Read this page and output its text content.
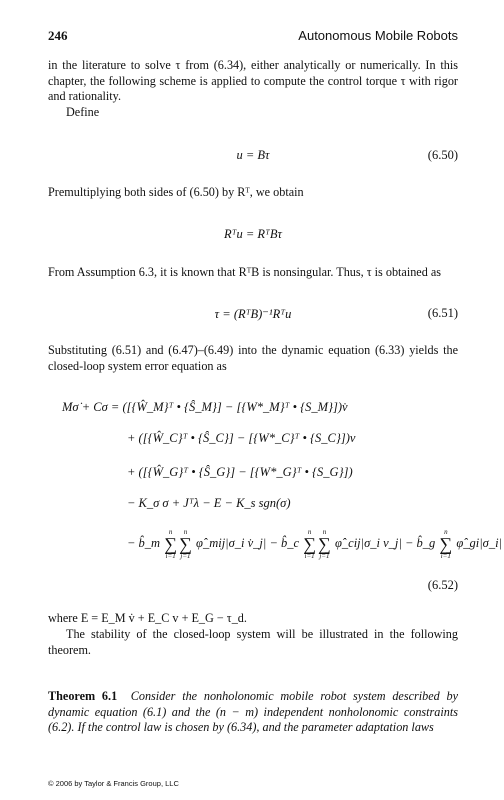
246	Autonomous Mobile Robots
in the literature to solve τ from (6.34), either analytically or numerically. In this chapter, the following scheme is applied to compute the control torque τ with rigor and rationality.
Define
u = Bτ	(6.50)
Premultiplying both sides of (6.50) by Rᵀ, we obtain
Rᵀu = RᵀBτ
From Assumption 6.3, it is known that RᵀB is nonsingular. Thus, τ is obtained as
τ = (RᵀB)⁻¹Rᵀu	(6.51)
Substituting (6.51) and (6.47)–(6.49) into the dynamic equation (6.33) yields the closed-loop system error equation as
Mσ̇ + Cσ = ([{Ŵ_M}ᵀ • {Ŝ_M}] − [{W*_M}ᵀ • {S_M}])v̇
+ ([{Ŵ_C}ᵀ • {Ŝ_C}] − [{W*_C}ᵀ • {S_C}])v
+ ([{Ŵ_G}ᵀ • {Ŝ_G}] − [{W*_G}ᵀ • {S_G}])
− K_σ σ + Jᵀλ − E − K_s sgn(σ)
− b̂_m n
∑
i=1n
∑
j=1 φ̂_mij|σ_i v̇_j| − b̂_c n
∑
i=1n
∑
j=1 φ̂_cij|σ_i v_j| − b̂_g n
∑
i=1 φ̂_gi|σ_i|
(6.52)
where E = E_M v̇ + E_C v + E_G − τ_d.
The stability of the closed-loop system will be illustrated in the following theorem.
Theorem 6.1 Consider the nonholonomic mobile robot system described by dynamic equation (6.1) and the (n − m) independent nonholonomic constraints (6.2). If the control law is chosen by (6.34), and the parameter adaptation laws
© 2006 by Taylor & Francis Group, LLC
